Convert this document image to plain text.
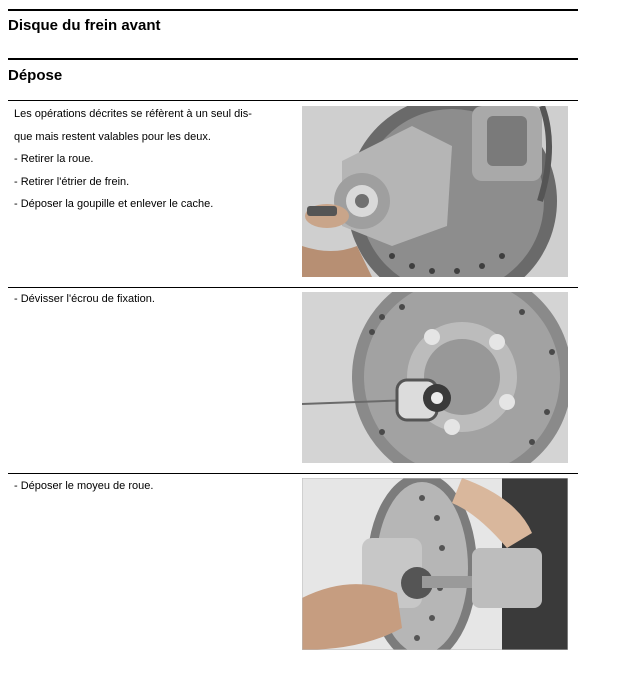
Disque du frein avant
Dépose

Les opérations décrites se réfèrent à un seul dis-

que mais restent valables pour les deux.

- Retirer la roue.

- Retirer l'étrier de frein.

- Déposer la goupille et enlever le cache.

- Dévisser l'écrou de fixation.

- Déposer le moyeu de roue.
